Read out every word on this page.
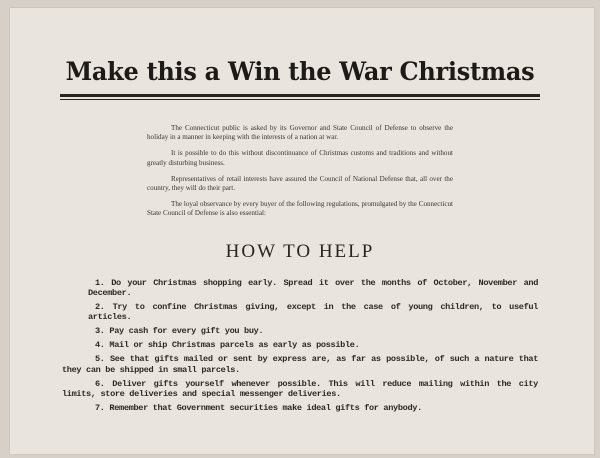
Make this a Win the War Christmas

The Connecticut public is asked by its Governor and State Council of Defense to observe the holiday in a manner in keeping with the interests of a nation at war.

It is possible to do this without discontinuance of Christmas customs and traditions and without greatly disturbing business.

Representatives of retail interests have assured the Council of National Defense that, all over the country, they will do their part.

The loyal observance by every buyer of the following regulations, promulgated by the Connecticut State Council of Defense is also essential:

HOW TO HELP
1. Do your Christmas shopping early. Spread it over the months of October, November and December.
2. Try to confine Christmas giving, except in the case of young children, to useful articles.
3. Pay cash for every gift you buy.
4. Mail or ship Christmas parcels as early as possible.
5. See that gifts mailed or sent by express are, as far as possible, of such a nature that they can be shipped in small parcels.
6. Deliver gifts yourself whenever possible. This will reduce mailing within the city limits, store deliveries and special messenger deliveries.
7. Remember that Government securities make ideal gifts for anybody.
